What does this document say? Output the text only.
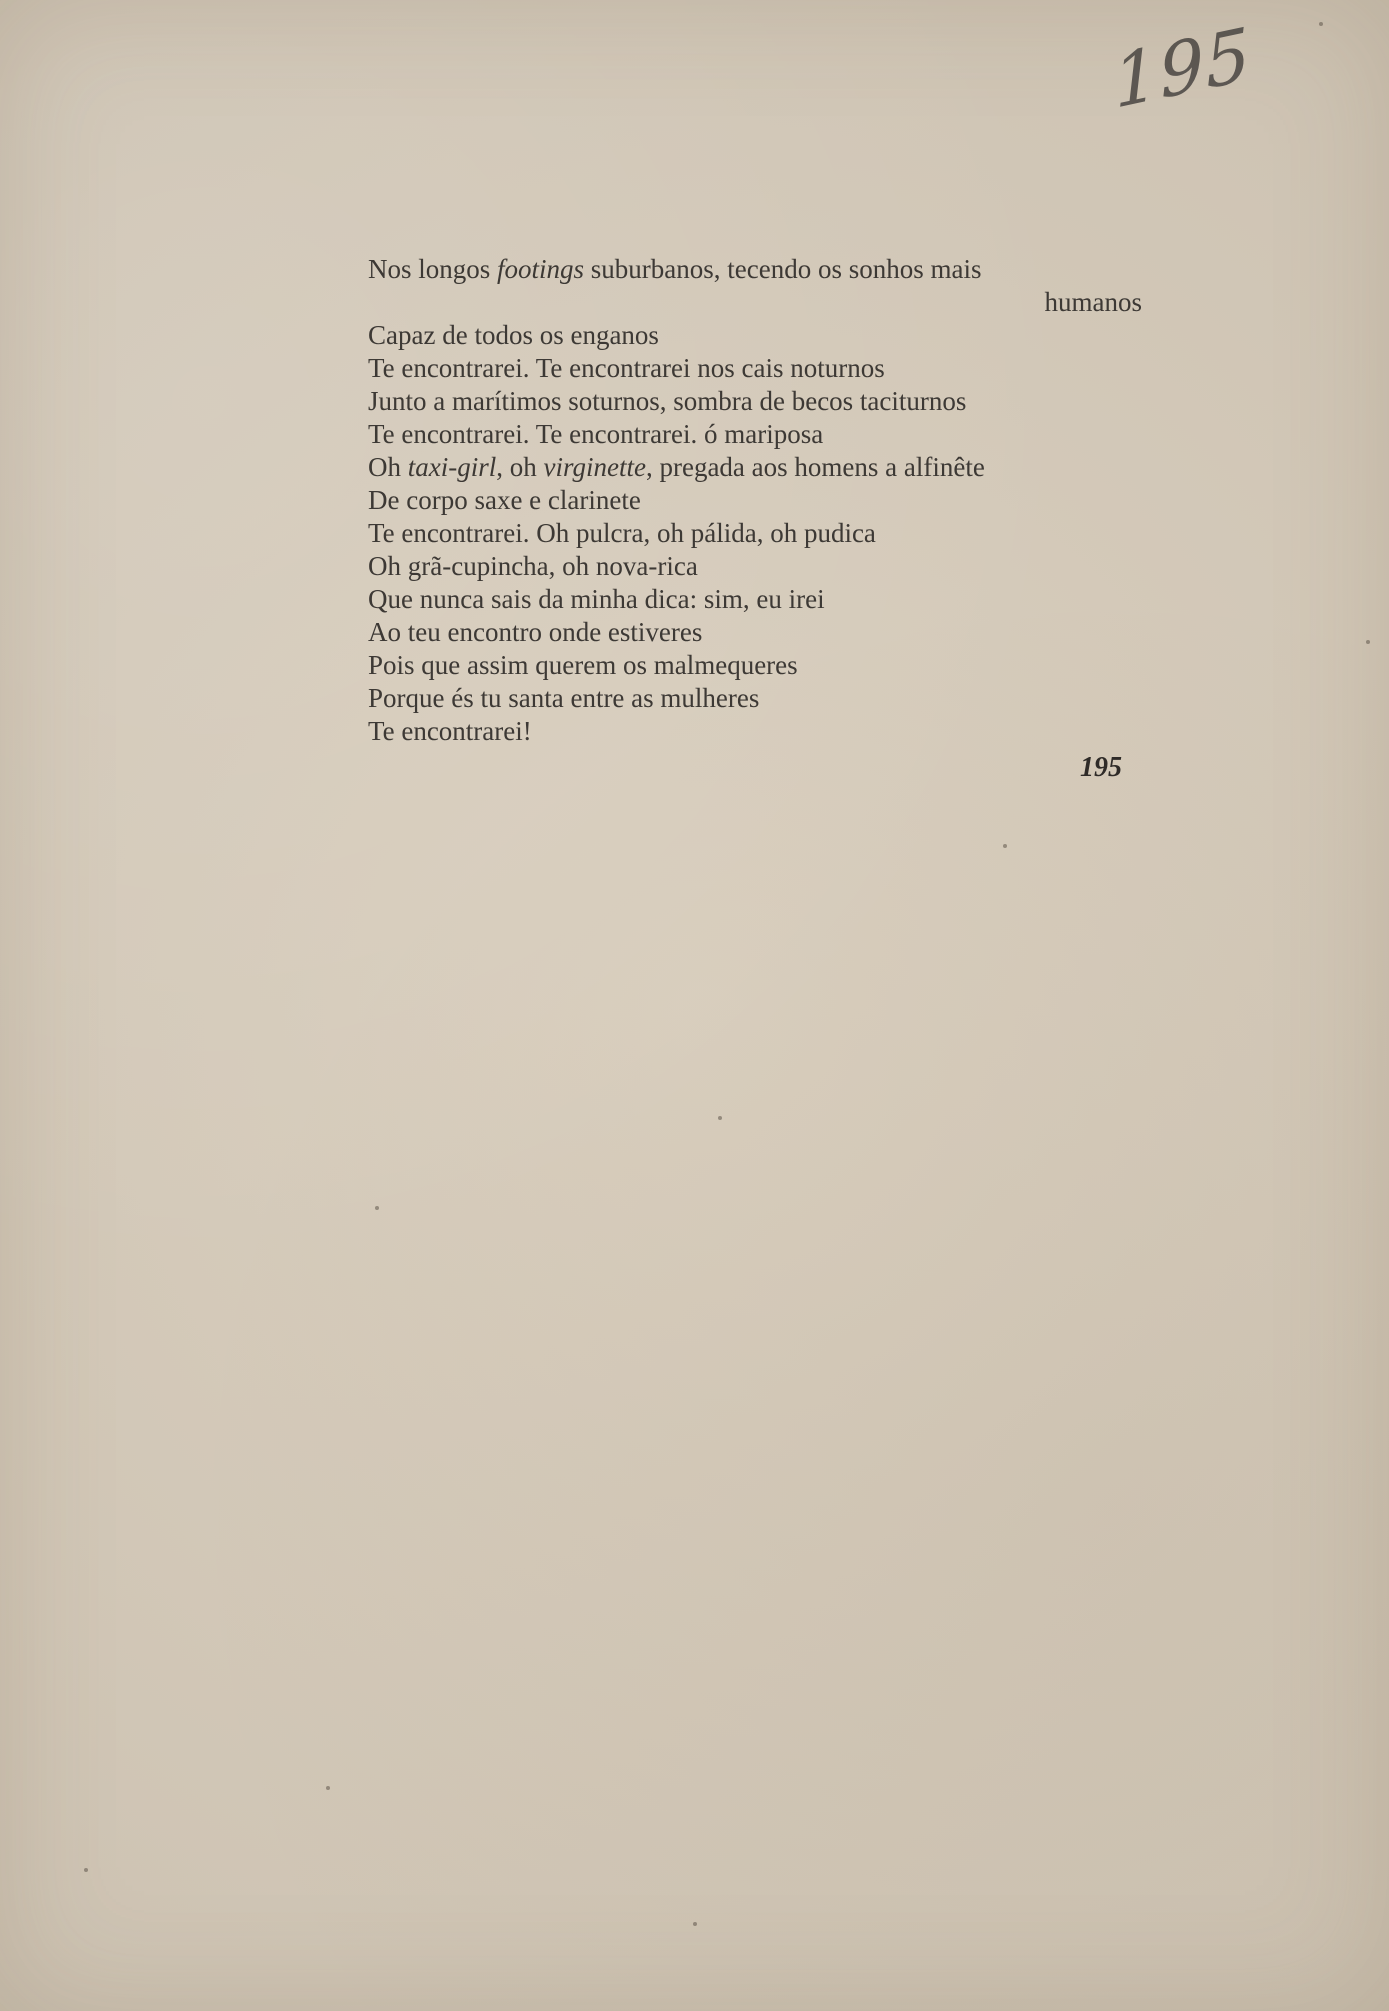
195
Nos longos footings suburbanos, tecendo os sonhos mais
humanos
Capaz de todos os enganos
Te encontrarei. Te encontrarei nos cais noturnos
Junto a marítimos soturnos, sombra de becos taciturnos
Te encontrarei. Te encontrarei. ó mariposa
Oh taxi-girl, oh virginette, pregada aos homens a alfinête
De corpo saxe e clarinete
Te encontrarei. Oh pulcra, oh pálida, oh pudica
Oh grã-cupincha, oh nova-rica
Que nunca sais da minha dica: sim, eu irei
Ao teu encontro onde estiveres
Pois que assim querem os malmequeres
Porque és tu santa entre as mulheres
Te encontrarei!
195
